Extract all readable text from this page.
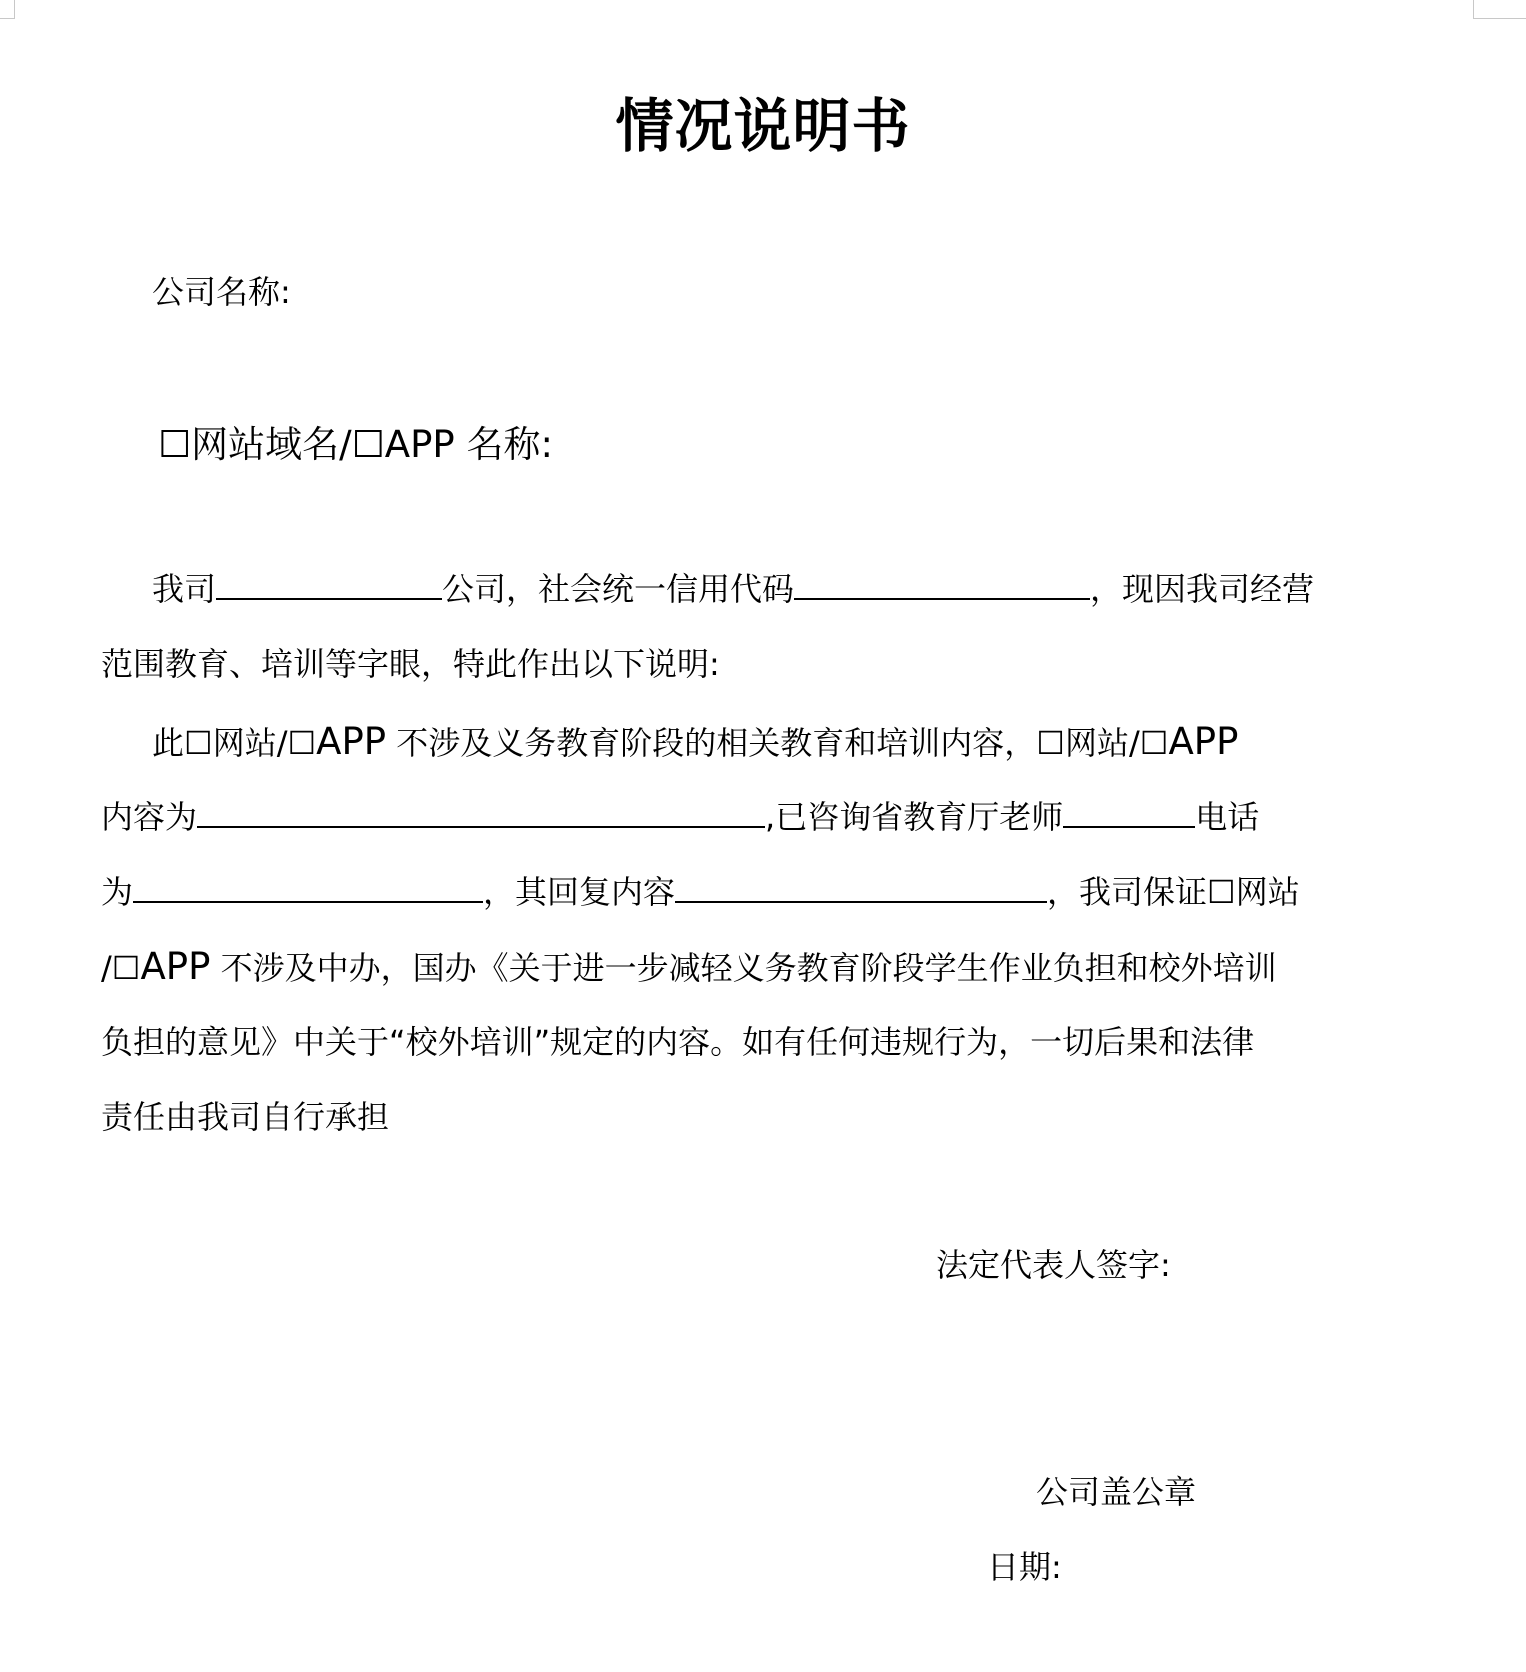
情况说明书
公司名称:
☐网站域名/☐APP 名称:
我司	公司，社会统一信用代码	，现因我司经营
范围教育、培训等字眼，特此作出以下说明:
此☐网站/☐APP 不涉及义务教育阶段的相关教育和培训内容，☐网站/☐APP
内容为	,已咨询省教育厅老师	电话
为	，其回复内容	，我司保证☐网站
/☐APP 不涉及中办，国办《关于进一步减轻义务教育阶段学生作业负担和校外培训
负担的意见》中关于“校外培训”规定的内容。如有任何违规行为，一切后果和法律
责任由我司自行承担
法定代表人签字:
公司盖公章
日期:
